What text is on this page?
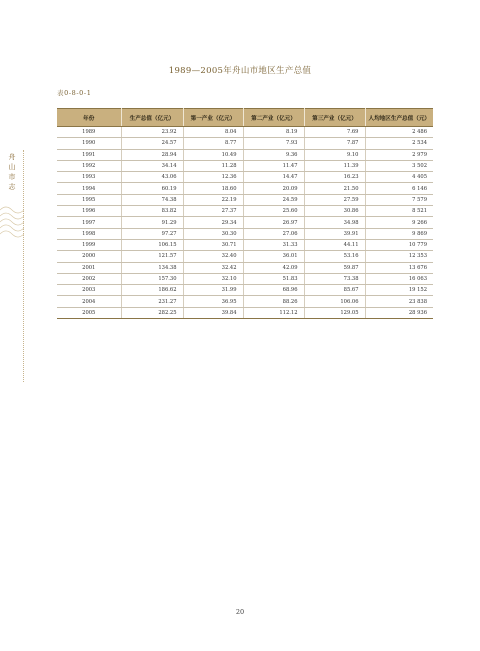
1989—2005年舟山市地区生产总值
表0-8-0-1
舟
山
市
志
年份	生产总值（亿元）	第一产业（亿元）	第二产业（亿元）	第三产业（亿元）	人均地区生产总值（元）
1989	23.92	8.04	8.19	7.69	2 486
1990	24.57	8.77	7.93	7.87	2 534
1991	28.94	10.49	9.36	9.10	2 979
1992	34.14	11.28	11.47	11.39	3 502
1993	43.06	12.36	14.47	16.23	4 405
1994	60.19	18.60	20.09	21.50	6 146
1995	74.38	22.19	24.59	27.59	7 579
1996	83.82	27.37	25.60	30.86	8 521
1997	91.29	29.34	26.97	34.98	9 266
1998	97.27	30.30	27.06	39.91	9 869
1999	106.15	30.71	31.33	44.11	10 779
2000	121.57	32.40	36.01	53.16	12 353
2001	134.38	32.42	42.09	59.87	13 676
2002	157.30	32.10	51.83	73.38	16 063
2003	186.62	31.99	68.96	85.67	19 152
2004	231.27	36.95	88.26	106.06	23 838
2005	282.25	39.84	112.12	129.05	28 936
20
